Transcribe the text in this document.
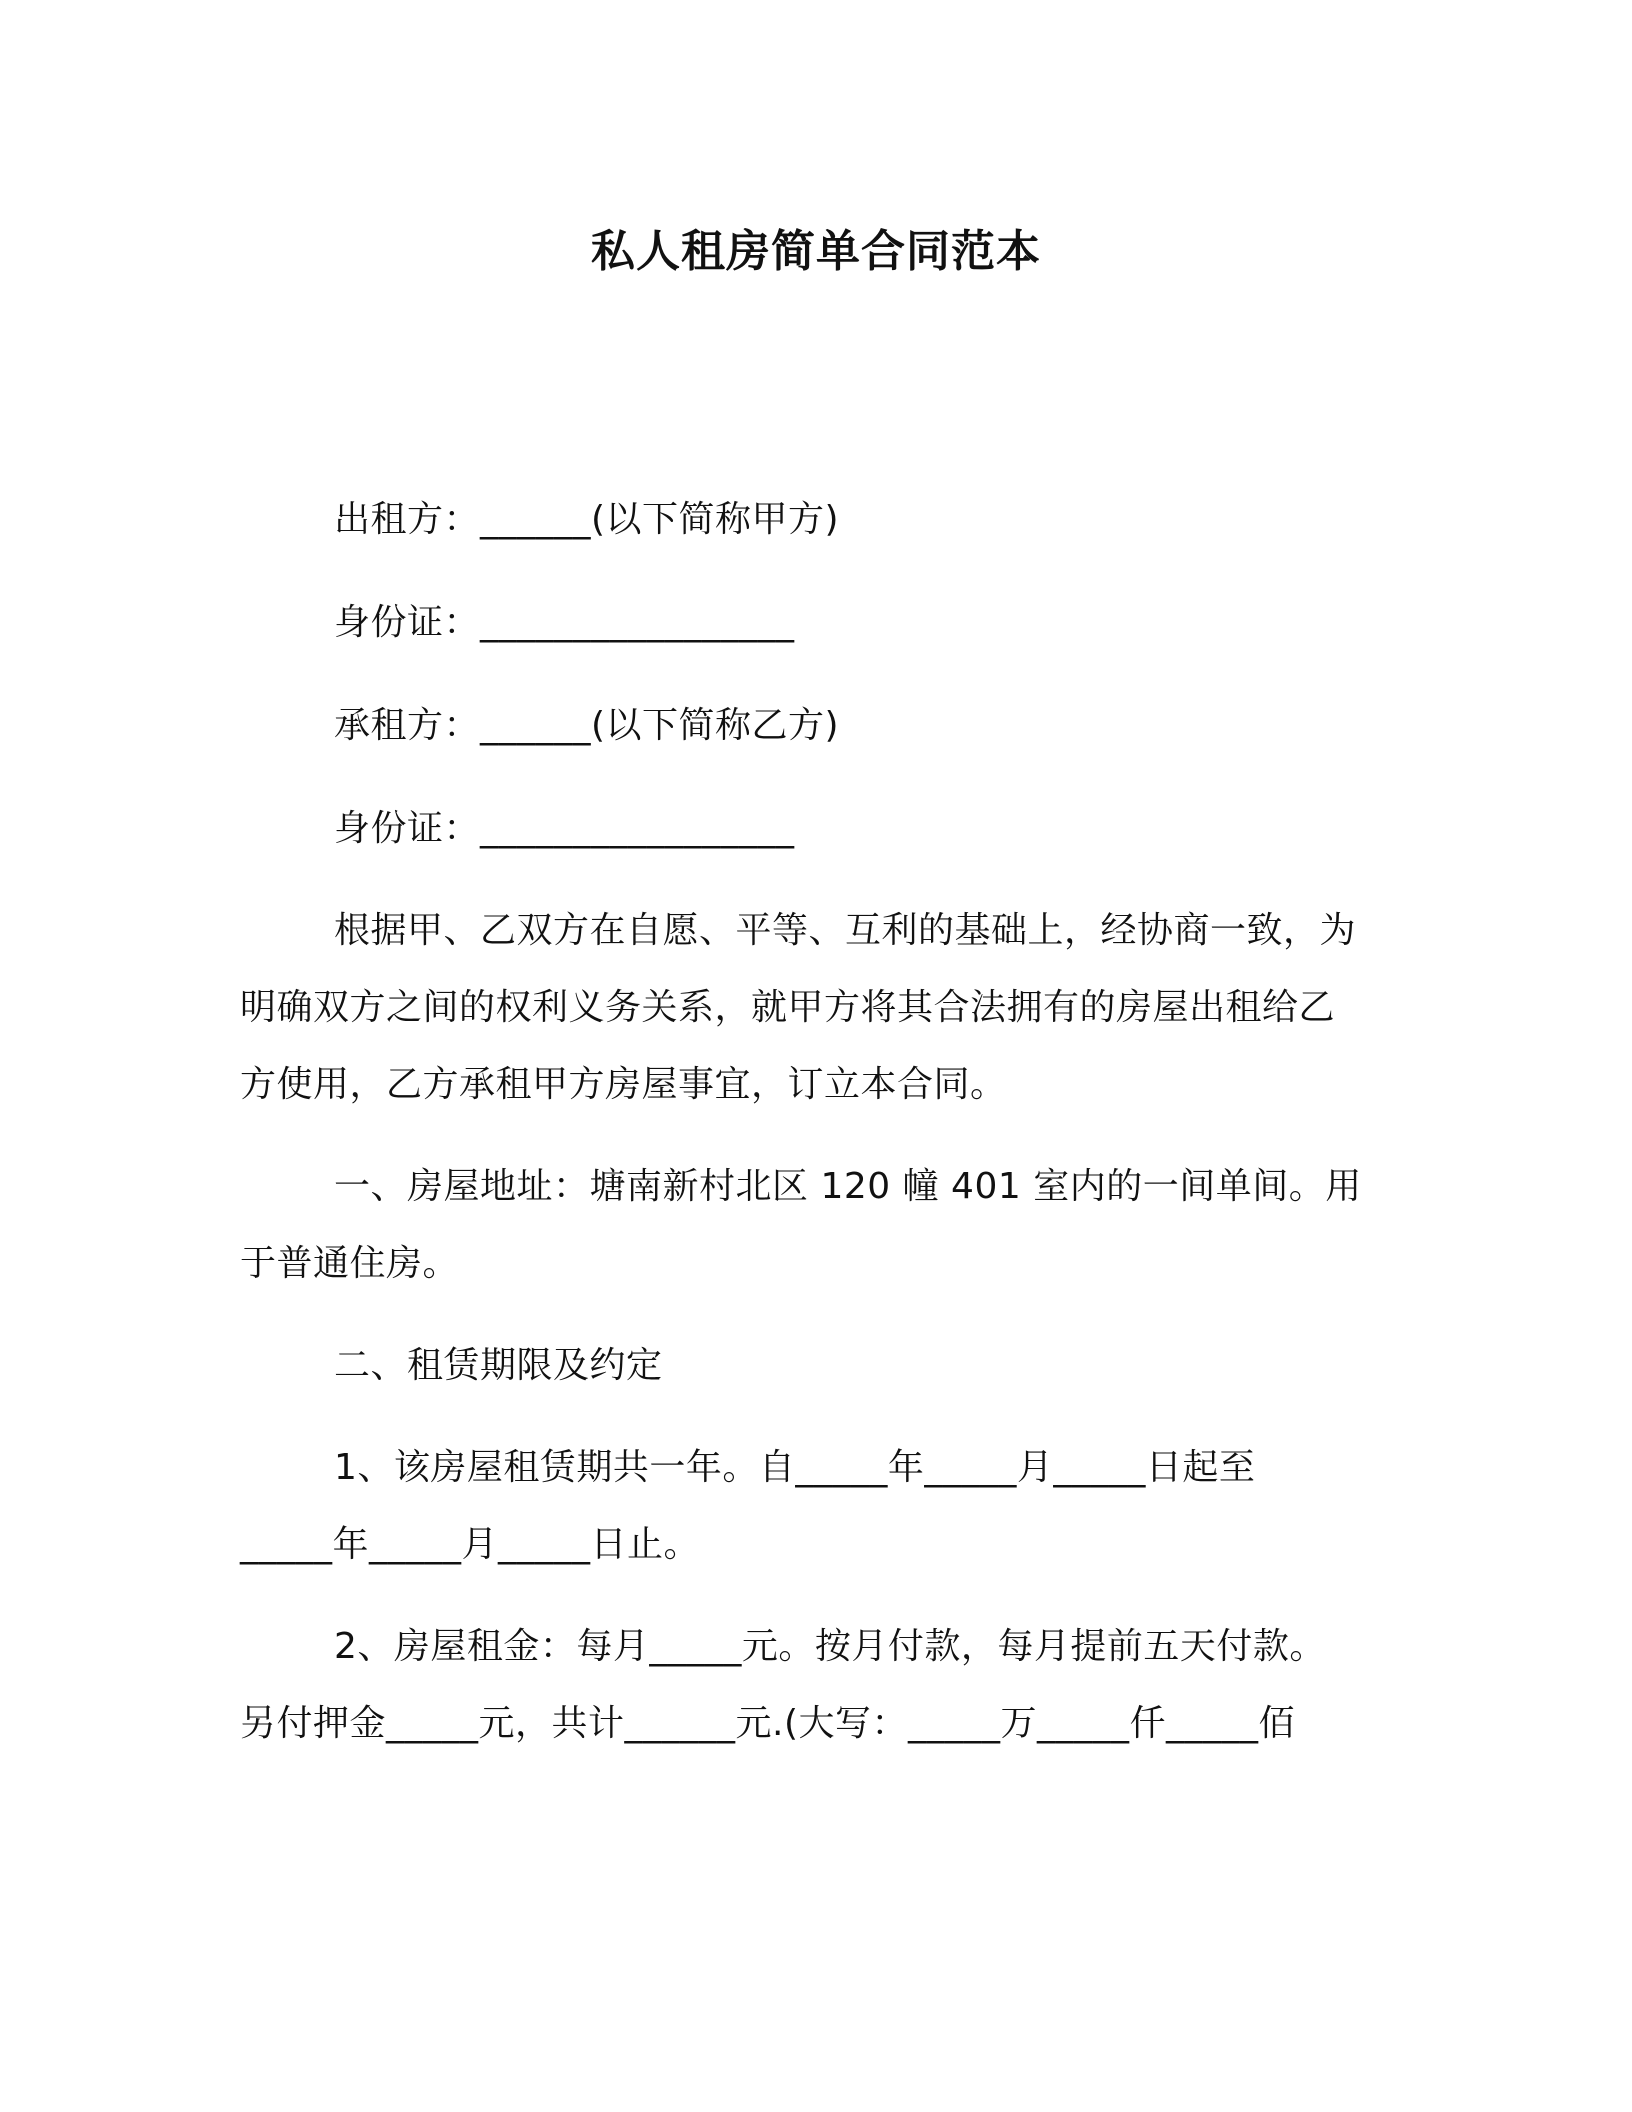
私人租房简单合同范本
出租方：______(以下简称甲方)
身份证：_________________
承租方：______(以下简称乙方)
身份证：_________________
根据甲、乙双方在自愿、平等、互利的基础上，经协商一致，为
明确双方之间的权利义务关系，就甲方将其合法拥有的房屋出租给乙
方使用，乙方承租甲方房屋事宜，订立本合同。
一、房屋地址：塘南新村北区 120 幢 401 室内的一间单间。用
于普通住房。
二、租赁期限及约定
1、该房屋租赁期共一年。自_____年_____月_____日起至
_____年_____月_____日止。
2、房屋租金：每月_____元。按月付款，每月提前五天付款。
另付押金_____元，共计______元.(大写：_____万_____仟_____佰
